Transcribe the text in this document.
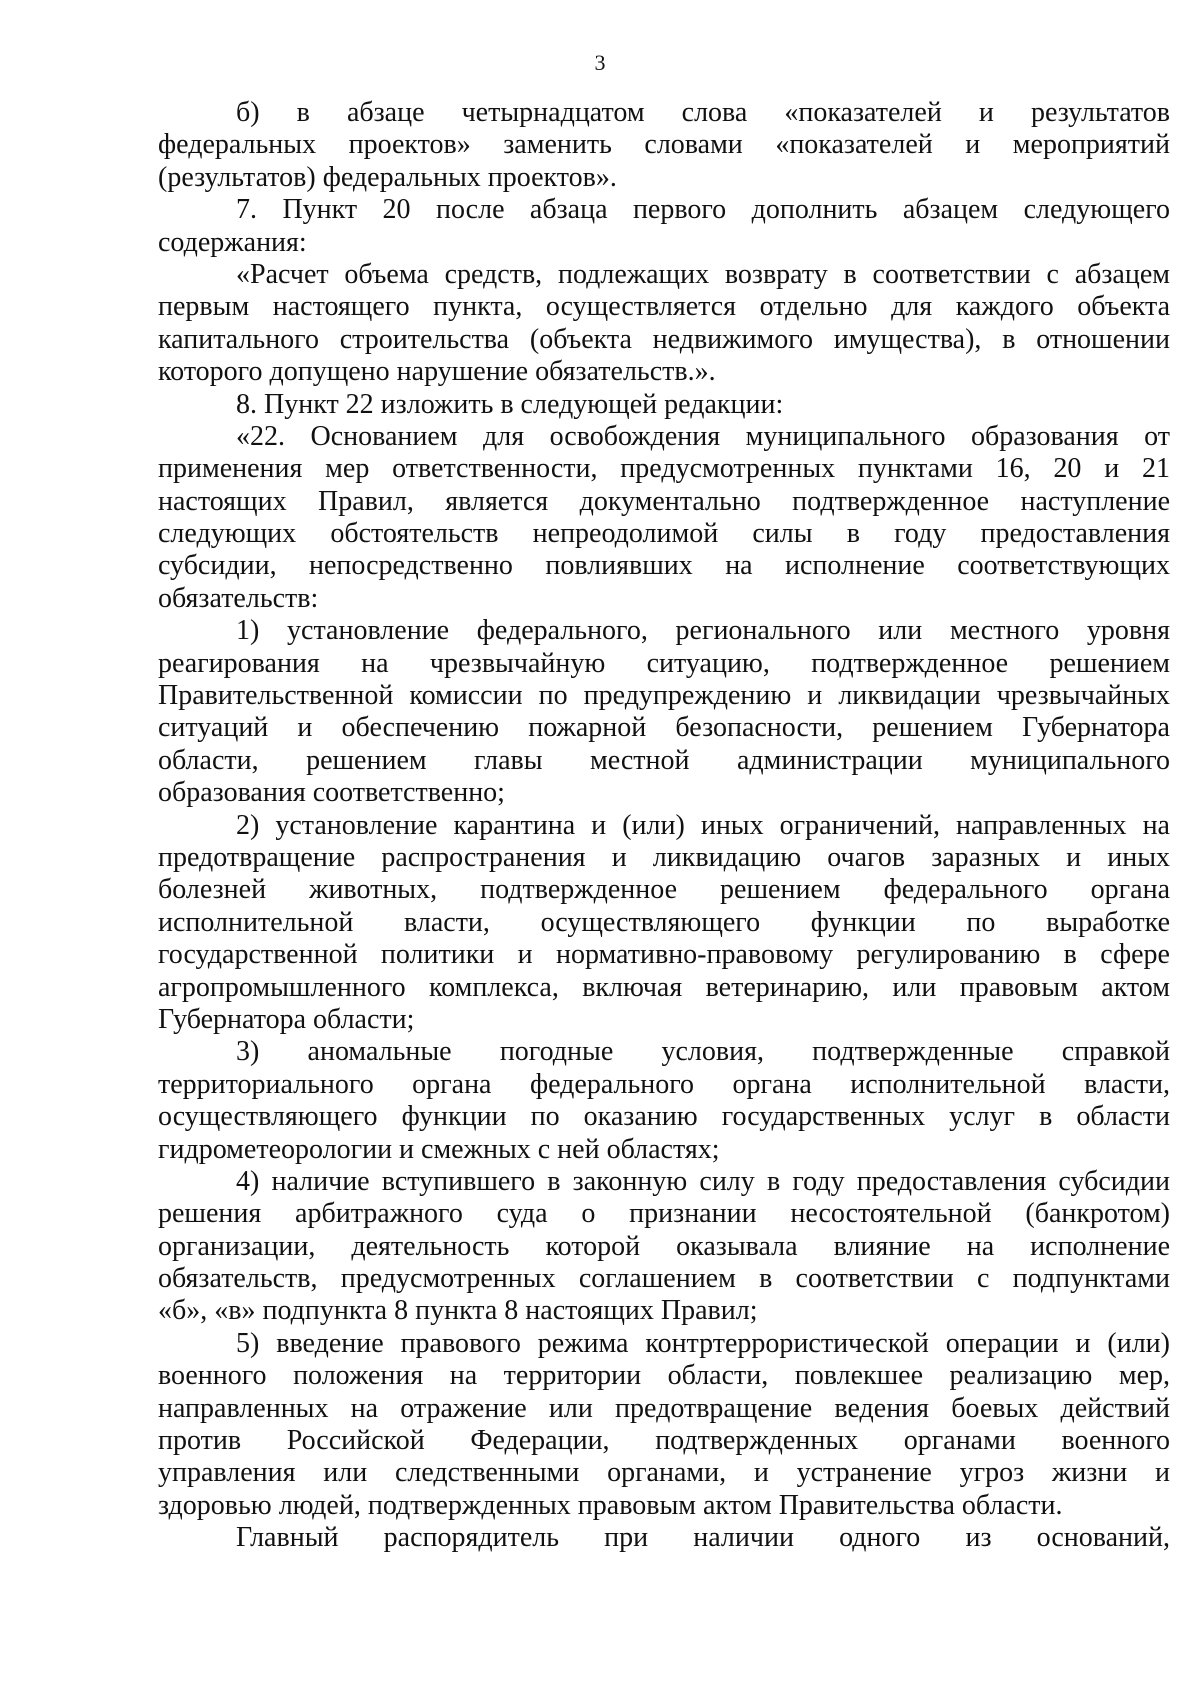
3
б) в абзаце четырнадцатом слова «показателей и результатов
федеральных проектов» заменить словами «показателей и мероприятий
(результатов) федеральных проектов».
7. Пункт 20 после абзаца первого дополнить абзацем следующего
содержания:
«Расчет объема средств, подлежащих возврату в соответствии с абзацем
первым настоящего пункта, осуществляется отдельно для каждого объекта
капитального строительства (объекта недвижимого имущества), в отношении
которого допущено нарушение обязательств.».
8. Пункт 22 изложить в следующей редакции:
«22. Основанием для освобождения муниципального образования от
применения мер ответственности, предусмотренных пунктами 16, 20 и 21
настоящих Правил, является документально подтвержденное наступление
следующих обстоятельств непреодолимой силы в году предоставления
субсидии, непосредственно повлиявших на исполнение соответствующих
обязательств:
1) установление федерального, регионального или местного уровня
реагирования на чрезвычайную ситуацию, подтвержденное решением
Правительственной комиссии по предупреждению и ликвидации чрезвычайных
ситуаций и обеспечению пожарной безопасности, решением Губернатора
области, решением главы местной администрации муниципального
образования соответственно;
2) установление карантина и (или) иных ограничений, направленных на
предотвращение распространения и ликвидацию очагов заразных и иных
болезней животных, подтвержденное решением федерального органа
исполнительной власти, осуществляющего функции по выработке
государственной политики и нормативно-правовому регулированию в сфере
агропромышленного комплекса, включая ветеринарию, или правовым актом
Губернатора области;
3) аномальные погодные условия, подтвержденные справкой
территориального органа федерального органа исполнительной власти,
осуществляющего функции по оказанию государственных услуг в области
гидрометеорологии и смежных с ней областях;
4) наличие вступившего в законную силу в году предоставления субсидии
решения арбитражного суда о признании несостоятельной (банкротом)
организации, деятельность которой оказывала влияние на исполнение
обязательств, предусмотренных соглашением в соответствии с подпунктами
«б», «в» подпункта 8 пункта 8 настоящих Правил;
5) введение правового режима контртеррористической операции и (или)
военного положения на территории области, повлекшее реализацию мер,
направленных на отражение или предотвращение ведения боевых действий
против Российской Федерации, подтвержденных органами военного
управления или следственными органами, и устранение угроз жизни и
здоровью людей, подтвержденных правовым актом Правительства области.
Главный распорядитель при наличии одного из оснований,
